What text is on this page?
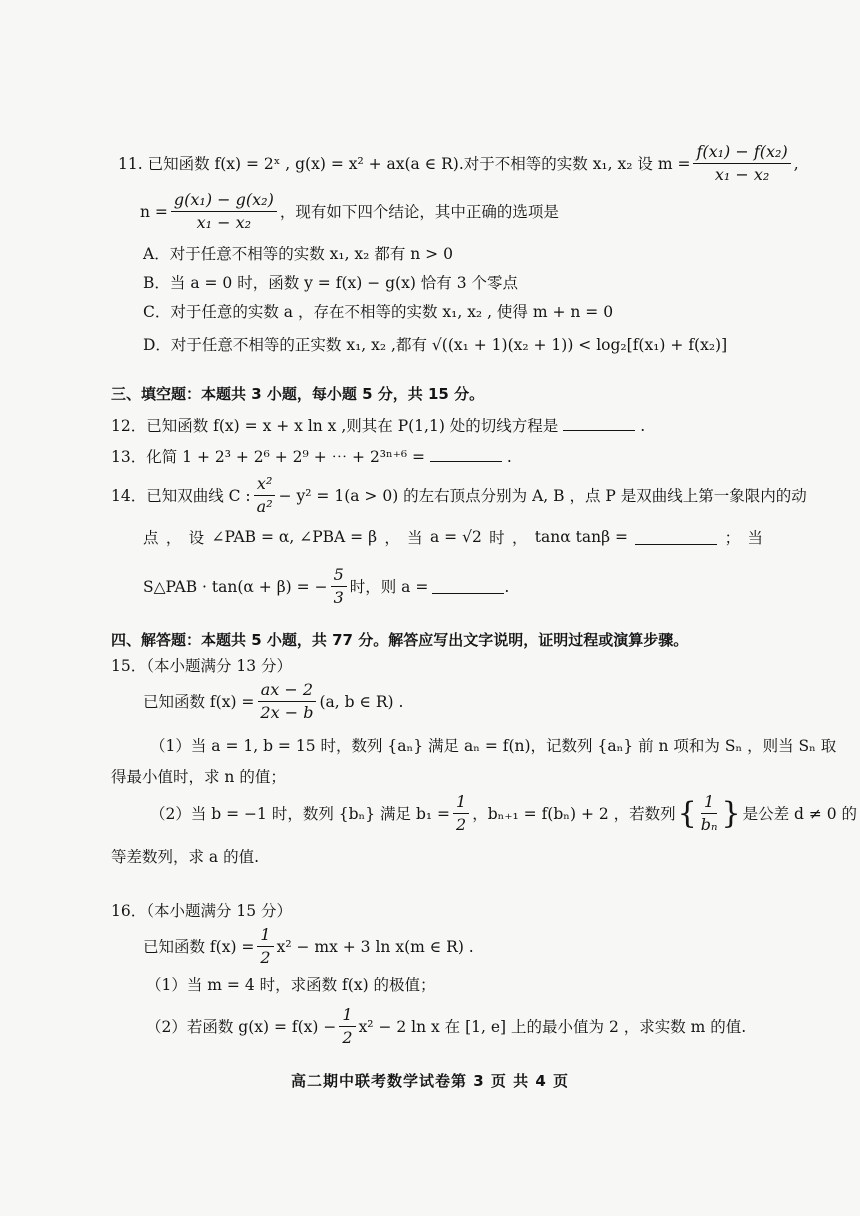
11. 已知函数 f(x) = 2ˣ , g(x) = x² + ax(a ∈ R).对于不相等的实数 x₁, x₂ 设 $m = \frac{\text{f(x₁) − f(x₂)}}{\text{x₁ − x₂}}$ ,
$n = \frac{\text{g(x₁) − g(x₂)}}{\text{x₁ − x₂}}$ ，现有如下四个结论，其中正确的选项是
A．对于任意不相等的实数 x₁, x₂ 都有 n > 0
B．当 a = 0 时，函数 y = f(x) − g(x) 恰有 3 个零点
C．对于任意的实数 a ，存在不相等的实数 x₁, x₂ , 使得 m + n = 0
D．对于任意不相等的正实数 x₁, x₂ ,都有 √((x₁ + 1)(x₂ + 1)) < log₂[f(x₁) + f(x₂)]
三、填空题：本题共 3 小题，每小题 5 分，共 15 分。
12．已知函数 f(x) = x + x ln x ,则其在 P(1,1) 处的切线方程是	.
13．化简 1 + 2³ + 2⁶ + 2⁹ + ⋯ + 2³ⁿ⁺⁶ =	.
14．已知双曲线 C : $\frac{\text{x²}}{\text{a²}} - y^2 = 1(a > 0)$ 的左右顶点分别为 A, B ，点 P 是双曲线上第一象限内的动
点 ， 设 ∠PAB = α, ∠PBA = β ， 当 a = √2 时 ， tanα tanβ =	； 当
S△PAB · tan(α + β) = − $\frac{5}{3}$ 时，则 a =	.
四、解答题：本题共 5 小题，共 77 分。解答应写出文字说明，证明过程或演算步骤。
15．（本小题满分 13 分）
已知函数 $f(x) = \frac{ax - 2}{2x - b} (a$, b ∈ R) .
（1）当 a = 1, b = 15 时，数列 {aₙ} 满足 aₙ = f(n)，记数列 {aₙ} 前 n 项和为 Sₙ ，则当 Sₙ 取
得最小值时，求 n 的值；
（2）当 b = −1 时，数列 {bₙ} 满足 $b_1 = \frac{1}{2}$ ，bₙ₊₁ = f(bₙ) + 2 ，若数列 { $\frac{1}{\text{bₙ}}$ } 是公差 d ≠ 0 的
等差数列，求 a 的值.
16．（本小题满分 15 分）
已知函数 $f(x) = \frac{1}{2} x^2$ − mx + 3 ln x(m ∈ R) .
（1）当 m = 4 时，求函数 f(x) 的极值；
（2）若函数 $g(x) = f(x) - \frac{1}{2} x^2 - 2$ ln x 在 [1, e] 上的最小值为 2 ，求实数 m 的值.
高二期中联考数学试卷第 3 页 共 4 页
